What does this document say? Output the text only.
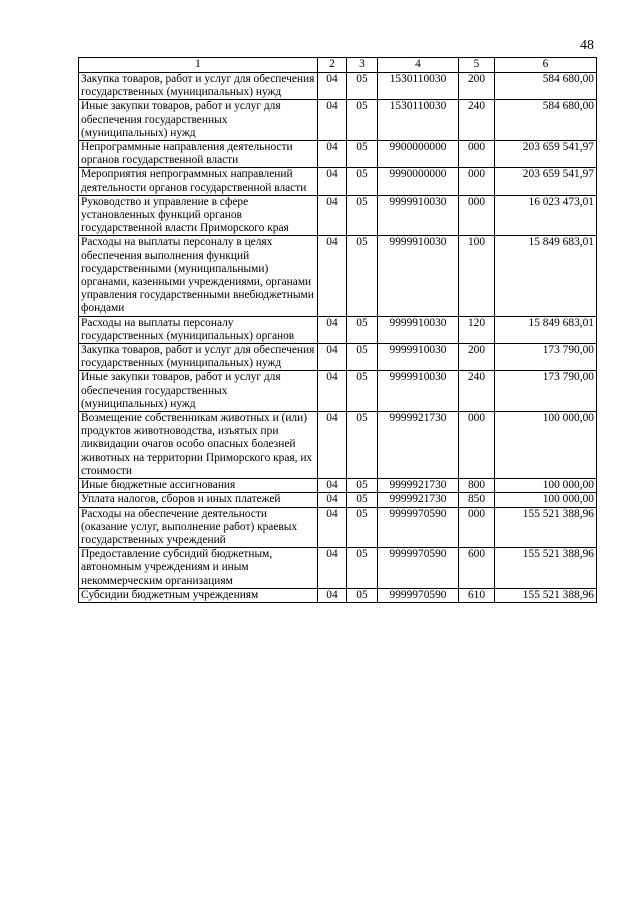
48
1	2	3	4	5	6
Закупка товаров, работ и услуг для обеспечения государственных (муниципальных) нужд	04	05	1530110030	200	584 680,00
Иные закупки товаров, работ и услуг для обеспечения государственных (муниципальных) нужд	04	05	1530110030	240	584 680,00
Непрограммные направления деятельности органов государственной власти	04	05	9900000000	000	203 659 541,97
Мероприятия непрограммных направлений деятельности органов государственной власти	04	05	9990000000	000	203 659 541,97
Руководство и управление в сфере установленных функций органов государственной власти Приморского края	04	05	9999910030	000	16 023 473,01
Расходы на выплаты персоналу в целях обеспечения выполнения функций государственными (муниципальными) органами, казенными учреждениями, органами управления государственными внебюджетными фондами	04	05	9999910030	100	15 849 683,01
Расходы на выплаты персоналу государственных (муниципальных) органов	04	05	9999910030	120	15 849 683,01
Закупка товаров, работ и услуг для обеспечения государственных (муниципальных) нужд	04	05	9999910030	200	173 790,00
Иные закупки товаров, работ и услуг для обеспечения государственных (муниципальных) нужд	04	05	9999910030	240	173 790,00
Возмещение собственникам животных и (или) продуктов животноводства, изъятых при ликвидации очагов особо опасных болезней животных на территории Приморского края, их стоимости	04	05	9999921730	000	100 000,00
Иные бюджетные ассигнования	04	05	9999921730	800	100 000,00
Уплата налогов, сборов и иных платежей	04	05	9999921730	850	100 000,00
Расходы на обеспечение деятельности (оказание услуг, выполнение работ) краевых государственных учреждений	04	05	9999970590	000	155 521 388,96
Предоставление субсидий бюджетным, автономным учреждениям и иным некоммерческим организациям	04	05	9999970590	600	155 521 388,96
Субсидии бюджетным учреждениям	04	05	9999970590	610	155 521 388,96
